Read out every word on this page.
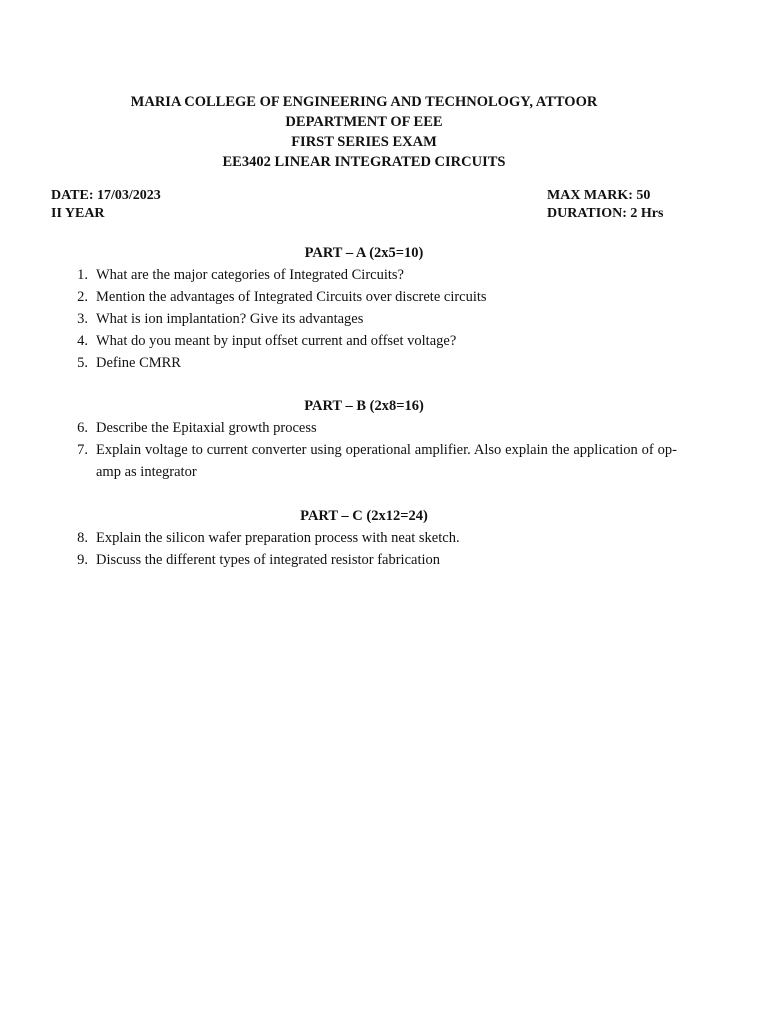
MARIA COLLEGE OF ENGINEERING AND TECHNOLOGY, ATTOOR
DEPARTMENT OF EEE
FIRST SERIES EXAM
EE3402 LINEAR INTEGRATED CIRCUITS
DATE: 17/03/2023
II YEAR
MAX MARK: 50
DURATION: 2 Hrs
PART – A (2x5=10)
1. What are the major categories of Integrated Circuits?
2. Mention the advantages of Integrated Circuits over discrete circuits
3. What is ion implantation? Give its advantages
4. What do you meant by input offset current and offset voltage?
5. Define CMRR
PART – B (2x8=16)
6. Describe the Epitaxial growth process
7. Explain voltage to current converter using operational amplifier. Also explain the application of op-amp as integrator
PART – C (2x12=24)
8. Explain the silicon wafer preparation process with neat sketch.
9. Discuss the different types of integrated resistor fabrication
